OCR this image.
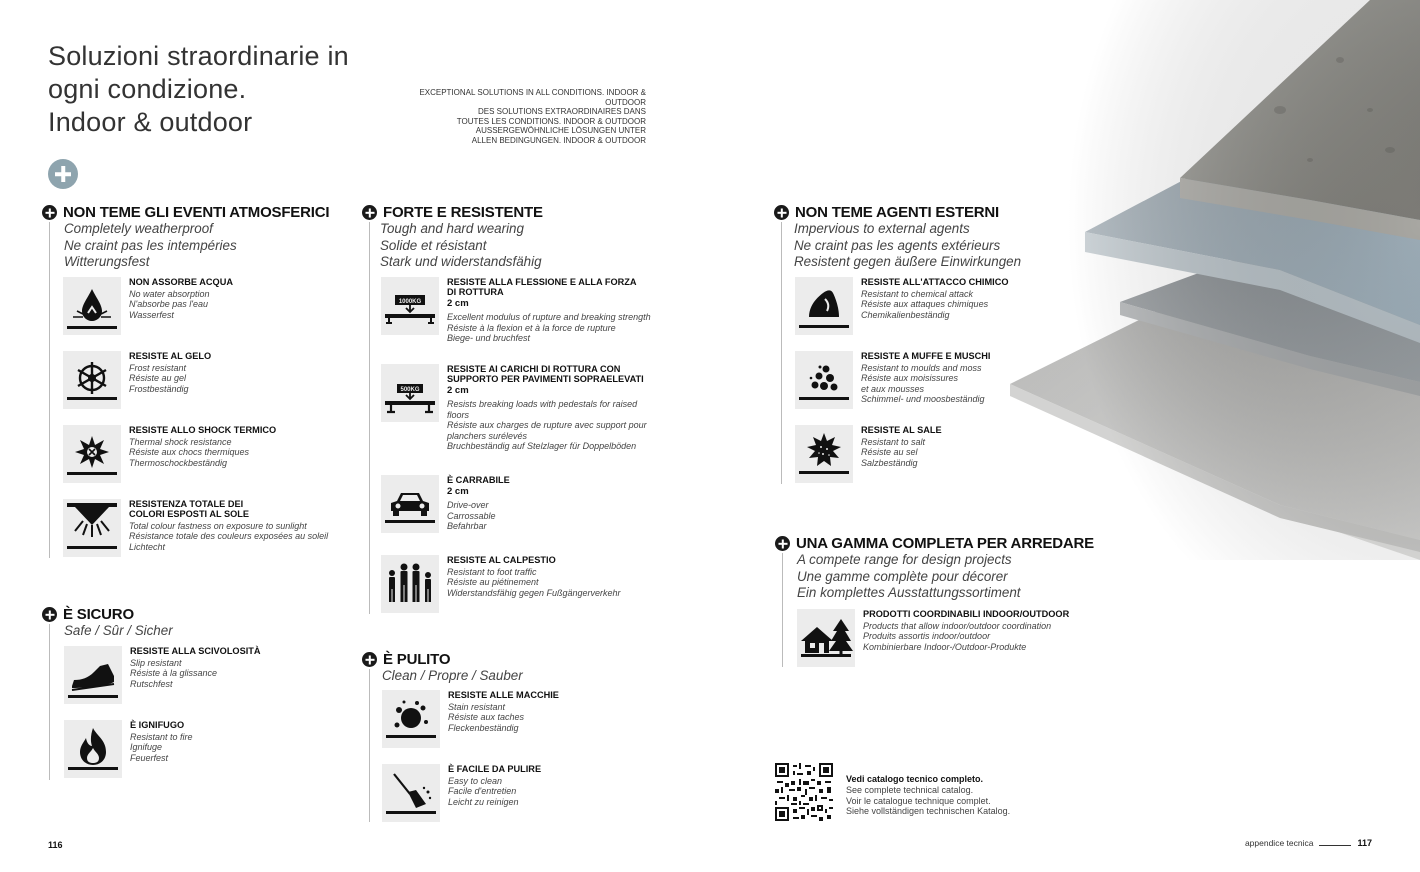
Soluzioni straordinarie in
ogni condizione.
Indoor & outdoor
EXCEPTIONAL SOLUTIONS IN ALL CONDITIONS. INDOOR & OUTDOOR
DES SOLUTIONS EXTRAORDINAIRES DANS
TOUTES LES CONDITIONS. INDOOR & OUTDOOR
AUSSERGEWÖHNLICHE LÖSUNGEN UNTER
ALLEN BEDINGUNGEN. INDOOR & OUTDOOR
NON TEME GLI EVENTI ATMOSFERICI
Completely weatherproof
Ne craint pas les intempéries
Witterungsfest
NON ASSORBE ACQUA
No water absorption
N'absorbe pas l'eau
Wasserfest
RESISTE AL GELO
Frost resistant
Résiste au gel
Frostbeständig
RESISTE ALLO SHOCK TERMICO
Thermal shock resistance
Résiste aux chocs thermiques
Thermoschockbeständig
RESISTENZA TOTALE DEI
COLORI ESPOSTI AL SOLE
Total colour fastness on exposure to sunlight
Résistance totale des couleurs exposées au soleil
Lichtecht
È SICURO
Safe / Sûr / Sicher
RESISTE ALLA SCIVOLOSITÀ
Slip resistant
Résiste à la glissance
Rutschfest
È IGNIFUGO
Resistant to fire
Ignifuge
Feuerfest
FORTE E RESISTENTE
Tough and hard wearing
Solide et résistant
Stark und widerstandsfähig
1000KG
RESISTE ALLA FLESSIONE E ALLA FORZA
DI ROTTURA
2 cm
Excellent modulus of rupture and breaking strength
Résiste à la flexion et à la force de rupture
Biege- und bruchfest
500KG
RESISTE AI CARICHI DI ROTTURA CON
SUPPORTO PER PAVIMENTI SOPRAELEVATI
2 cm
Resists breaking loads with pedestals for raised
floors
Résiste aux charges de rupture avec support pour
planchers surélevés
Bruchbeständig auf Stelzlager für Doppelböden
È CARRABILE
2 cm
Drive-over
Carrossable
Befahrbar
RESISTE AL CALPESTIO
Resistant to foot traffic
Résiste au piétinement
Widerstandsfähig gegen Fußgängerverkehr
È PULITO
Clean / Propre / Sauber
RESISTE ALLE MACCHIE
Stain resistant
Résiste aux taches
Fleckenbeständig
È FACILE DA PULIRE
Easy to clean
Facile d'entretien
Leicht zu reinigen
NON TEME AGENTI ESTERNI
Impervious to external agents
Ne craint pas les agents extérieurs
Resistent gegen äußere Einwirkungen
RESISTE ALL'ATTACCO CHIMICO
Resistant to chemical attack
Résiste aux attaques chimiques
Chemikalienbeständig
RESISTE A MUFFE E MUSCHI
Resistant to moulds and moss
Résiste aux moisissures
et aux mousses
Schimmel- und moosbeständig
RESISTE AL SALE
Resistant to salt
Résiste au sel
Salzbeständig
UNA GAMMA COMPLETA PER ARREDARE
A compete range for design projects
Une gamme complète pour décorer
Ein komplettes Ausstattungssortiment
PRODOTTI COORDINABILI INDOOR/OUTDOOR
Products that allow indoor/outdoor coordination
Produits assortis indoor/outdoor
Kombinierbare Indoor-/Outdoor-Produkte
Vedi catalogo tecnico completo.
See complete technical catalog.
Voir le catalogue technique complet.
Siehe vollständigen technischen Katalog.
116	appendice tecnica	117
